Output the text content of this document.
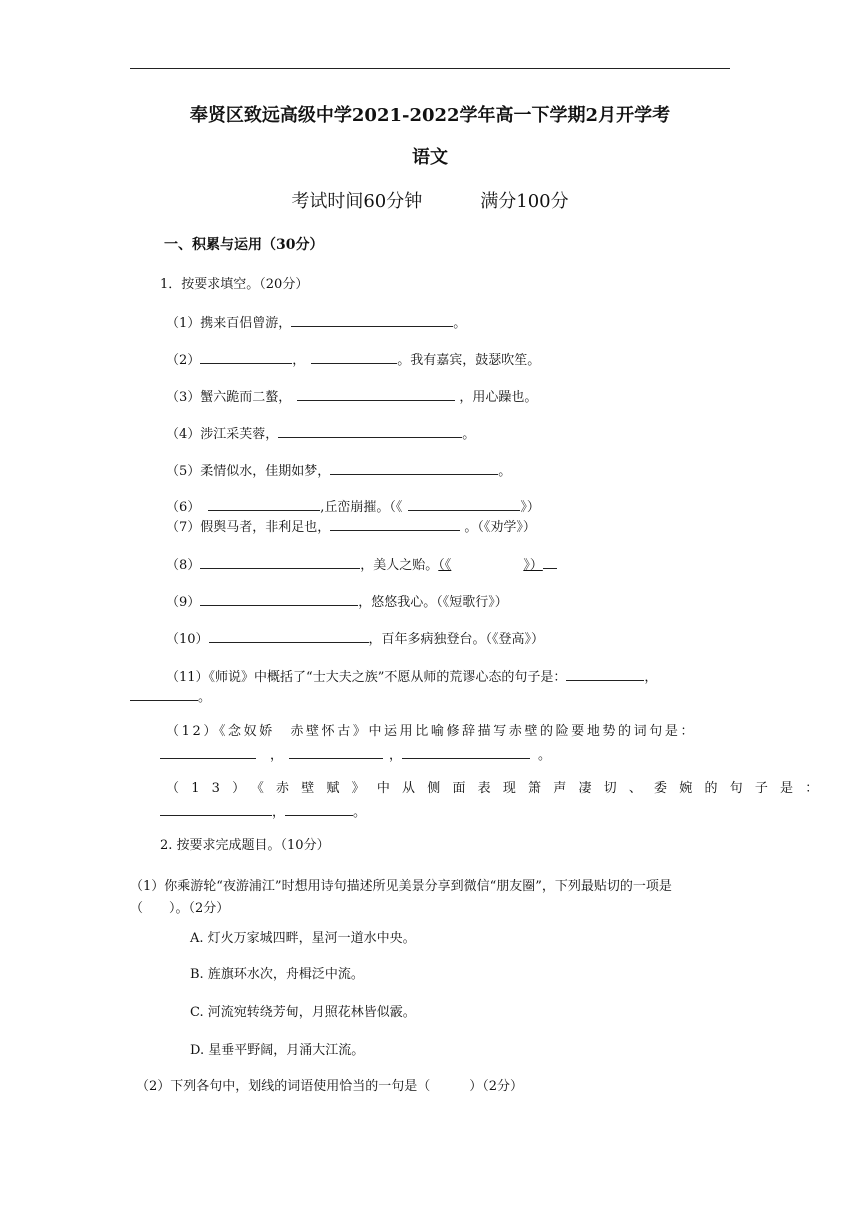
奉贤区致远高级中学2021-2022学年高一下学期2月开学考
语文
考试时间60分钟	满分100分
一、积累与运用（30分）
1．按要求填空。（20分）
（1）携来百侣曾游，	。
（2）	，	。我有嘉宾，鼓瑟吹笙。
（3）蟹六跪而二螯，	，用心躁也。
（4）涉江采芙蓉，	。
（5）柔情似水，佳期如梦，	。
（6）	,丘峦崩摧。（《	》）
（7）假舆马者，非利足也，	。（《劝学》）
（8）	，美人之贻。（《	》）
（9）	，悠悠我心。（《短歌行》）
（10）	，百年多病独登台。（《登高》）
（11）《师说》中概括了“士大夫之族”不愿从师的荒谬心态的句子是：	，
。
（12）《念奴娇　赤壁怀古》中运用比喻修辞描写赤壁的险要地势的词句是：
，	，	。
（13）《赤壁赋》中从侧面表现箫声凄切、委婉的句子是：
，	。
2. 按要求完成题目。（10分）
（1）你乘游轮“夜游浦江”时想用诗句描述所见美景分享到微信“朋友圈”，下列最贴切的一项是（　　）。（2分）
A. 灯火万家城四畔，星河一道水中央。
B. 旌旗环水次，舟楫泛中流。
C. 河流宛转绕芳甸，月照花林皆似霰。
D. 星垂平野阔，月涌大江流。
（2）下列各句中，划线的词语使用恰当的一句是（　　　）（2分）
